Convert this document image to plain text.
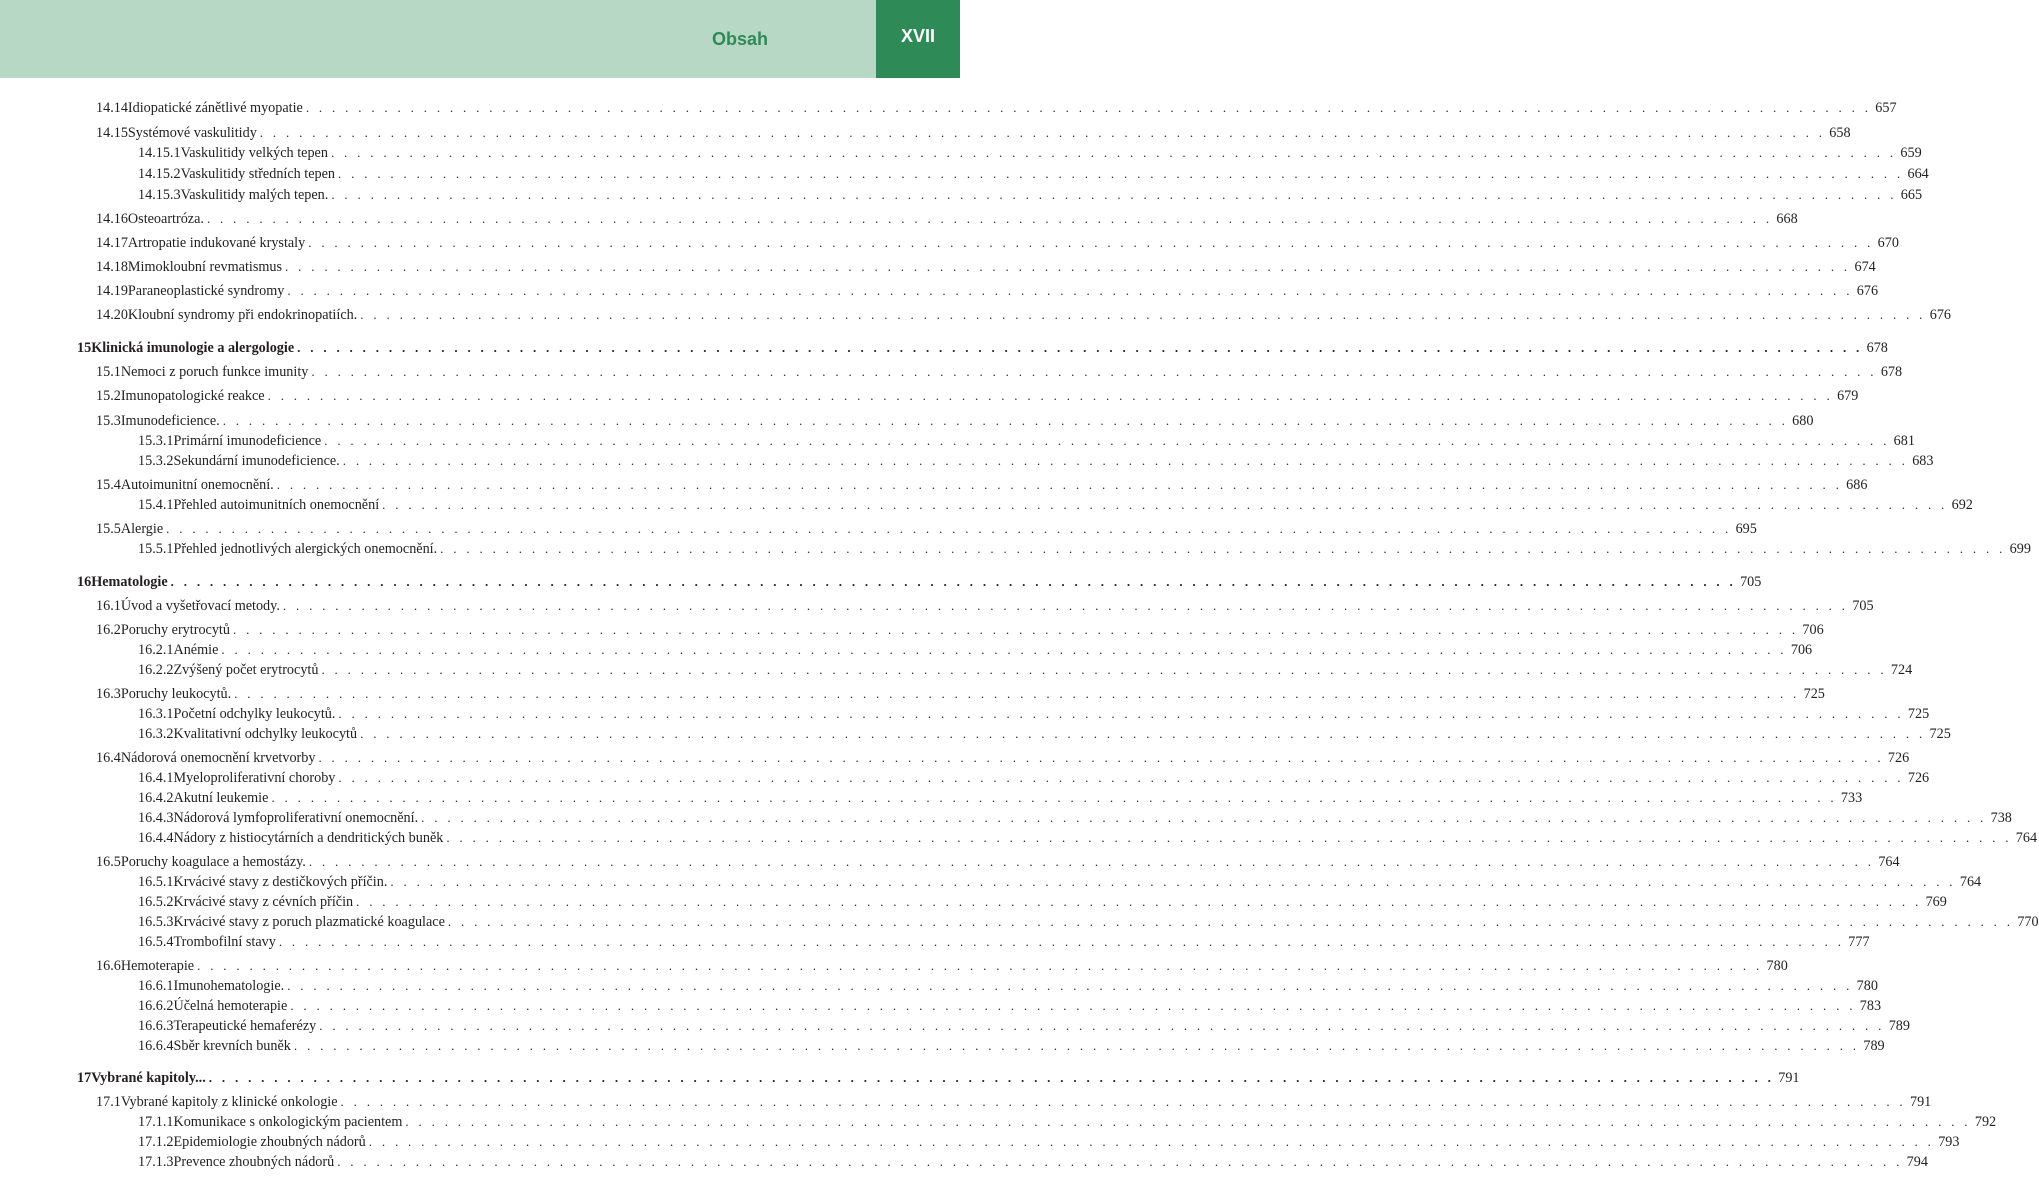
Obsah	XVII
14.14 Idiopatické zánětlivé myopatie . . . . . . . . . . . . . . . . . . . . . . . . . . . . . . . . . . . . . . . . . . . . . . . . . . . . . . . . . . . . . . . . . . . . . . . . . . . . . . . . . . . . . . . . . . . . . . . . . . . . . . . . . . . . . . . . . . . . . . . . 657
14.15 Systémové vaskulitidy . . . . . . . . . . . . . . . . . . . . . . . . . . . . . . . . . . . . . . . . . . . . . . . . . . . . . . . . . . . . . . . . . . . . . . . . . . . . . . . . . . . . . . . . . . . . . . . . . . . . . . . . . . . . . . . . . . . . . . . . 658
14.15.1 Vaskulitidy velkých tepen . . . . . . . . . . . . . . . . . . . . . . . . . . . . . . . . . . . . . . . . . . . . . . . . . . . . . . . . . . . . . . . . . . . . . . . . . . . . . . . . . . . . . . . . . . . . . . . . . . . . . . . . . . . . . . . . . . . . . . . . 659
14.15.2 Vaskulitidy středních tepen . . . . . . . . . . . . . . . . . . . . . . . . . . . . . . . . . . . . . . . . . . . . . . . . . . . . . . . . . . . . . . . . . . . . . . . . . . . . . . . . . . . . . . . . . . . . . . . . . . . . . . . . . . . . . . . . . . . . . . . . 664
14.15.3 Vaskulitidy malých tepen. . . . . . . . . . . . . . . . . . . . . . . . . . . . . . . . . . . . . . . . . . . . . . . . . . . . . . . . . . . . . . . . . . . . . . . . . . . . . . . . . . . . . . . . . . . . . . . . . . . . . . . . . . . . . . . . . . . . . . . . . 665
14.16 Osteoartróza. . . . . . . . . . . . . . . . . . . . . . . . . . . . . . . . . . . . . . . . . . . . . . . . . . . . . . . . . . . . . . . . . . . . . . . . . . . . . . . . . . . . . . . . . . . . . . . . . . . . . . . . . . . . . . . . . . . . . . . . . 668
14.17 Artropatie indukované krystaly . . . . . . . . . . . . . . . . . . . . . . . . . . . . . . . . . . . . . . . . . . . . . . . . . . . . . . . . . . . . . . . . . . . . . . . . . . . . . . . . . . . . . . . . . . . . . . . . . . . . . . . . . . . . . . . . . . . . . . . . 670
14.18 Mimokloubní revmatismus . . . . . . . . . . . . . . . . . . . . . . . . . . . . . . . . . . . . . . . . . . . . . . . . . . . . . . . . . . . . . . . . . . . . . . . . . . . . . . . . . . . . . . . . . . . . . . . . . . . . . . . . . . . . . . . . . . . . . . . . 674
14.19 Paraneoplastické syndromy . . . . . . . . . . . . . . . . . . . . . . . . . . . . . . . . . . . . . . . . . . . . . . . . . . . . . . . . . . . . . . . . . . . . . . . . . . . . . . . . . . . . . . . . . . . . . . . . . . . . . . . . . . . . . . . . . . . . . . . . 676
14.20 Kloubní syndromy při endokrinopatiích. . . . . . . . . . . . . . . . . . . . . . . . . . . . . . . . . . . . . . . . . . . . . . . . . . . . . . . . . . . . . . . . . . . . . . . . . . . . . . . . . . . . . . . . . . . . . . . . . . . . . . . . . . . . . . . . . . . . . . . . . 676
15 Klinická imunologie a alergologie . . . . . . . . . . . . . . . . . . . . . . . . . . . . . . . . . . . . . . . . . . . . . . . . . . . . . . . . . . . . . . . . . . . . . . . . . . . . . . . . . . . . . . . . . . . . . . . . . . . . . . . . . . . . . . . . . . . . . . . . 678
15.1 Nemoci z poruch funkce imunity . . . . . . . . . . . . . . . . . . . . . . . . . . . . . . . . . . . . . . . . . . . . . . . . . . . . . . . . . . . . . . . . . . . . . . . . . . . . . . . . . . . . . . . . . . . . . . . . . . . . . . . . . . . . . . . . . . . . . . . . 678
15.2 Imunopatologické reakce . . . . . . . . . . . . . . . . . . . . . . . . . . . . . . . . . . . . . . . . . . . . . . . . . . . . . . . . . . . . . . . . . . . . . . . . . . . . . . . . . . . . . . . . . . . . . . . . . . . . . . . . . . . . . . . . . . . . . . . . 679
15.3 Imunodeficience. . . . . . . . . . . . . . . . . . . . . . . . . . . . . . . . . . . . . . . . . . . . . . . . . . . . . . . . . . . . . . . . . . . . . . . . . . . . . . . . . . . . . . . . . . . . . . . . . . . . . . . . . . . . . . . . . . . . . . . . . 680
15.3.1 Primární imunodeficience . . . . . . . . . . . . . . . . . . . . . . . . . . . . . . . . . . . . . . . . . . . . . . . . . . . . . . . . . . . . . . . . . . . . . . . . . . . . . . . . . . . . . . . . . . . . . . . . . . . . . . . . . . . . . . . . . . . . . . . . 681
15.3.2 Sekundární imunodeficience. . . . . . . . . . . . . . . . . . . . . . . . . . . . . . . . . . . . . . . . . . . . . . . . . . . . . . . . . . . . . . . . . . . . . . . . . . . . . . . . . . . . . . . . . . . . . . . . . . . . . . . . . . . . . . . . . . . . . . . . . 683
15.4 Autoimunitní onemocnění. . . . . . . . . . . . . . . . . . . . . . . . . . . . . . . . . . . . . . . . . . . . . . . . . . . . . . . . . . . . . . . . . . . . . . . . . . . . . . . . . . . . . . . . . . . . . . . . . . . . . . . . . . . . . . . . . . . . . . . . . 686
15.4.1 Přehled autoimunitních onemocnění . . . . . . . . . . . . . . . . . . . . . . . . . . . . . . . . . . . . . . . . . . . . . . . . . . . . . . . . . . . . . . . . . . . . . . . . . . . . . . . . . . . . . . . . . . . . . . . . . . . . . . . . . . . . . . . . . . . . . . . . 692
15.5 Alergie . . . . . . . . . . . . . . . . . . . . . . . . . . . . . . . . . . . . . . . . . . . . . . . . . . . . . . . . . . . . . . . . . . . . . . . . . . . . . . . . . . . . . . . . . . . . . . . . . . . . . . . . . . . . . . . . . . . . . . . . 695
15.5.1 Přehled jednotlivých alergických onemocnění. . . . . . . . . . . . . . . . . . . . . . . . . . . . . . . . . . . . . . . . . . . . . . . . . . . . . . . . . . . . . . . . . . . . . . . . . . . . . . . . . . . . . . . . . . . . . . . . . . . . . . . . . . . . . . . . . . . . . . . . . 699
16 Hematologie . . . . . . . . . . . . . . . . . . . . . . . . . . . . . . . . . . . . . . . . . . . . . . . . . . . . . . . . . . . . . . . . . . . . . . . . . . . . . . . . . . . . . . . . . . . . . . . . . . . . . . . . . . . . . . . . . . . . . . . . 705
16.1 Úvod a vyšetřovací metody. . . . . . . . . . . . . . . . . . . . . . . . . . . . . . . . . . . . . . . . . . . . . . . . . . . . . . . . . . . . . . . . . . . . . . . . . . . . . . . . . . . . . . . . . . . . . . . . . . . . . . . . . . . . . . . . . . . . . . . . . 705
16.2 Poruchy erytrocytů . . . . . . . . . . . . . . . . . . . . . . . . . . . . . . . . . . . . . . . . . . . . . . . . . . . . . . . . . . . . . . . . . . . . . . . . . . . . . . . . . . . . . . . . . . . . . . . . . . . . . . . . . . . . . . . . . . . . . . . . 706
16.2.1 Anémie . . . . . . . . . . . . . . . . . . . . . . . . . . . . . . . . . . . . . . . . . . . . . . . . . . . . . . . . . . . . . . . . . . . . . . . . . . . . . . . . . . . . . . . . . . . . . . . . . . . . . . . . . . . . . . . . . . . . . . . . 706
16.2.2 Zvýšený počet erytrocytů . . . . . . . . . . . . . . . . . . . . . . . . . . . . . . . . . . . . . . . . . . . . . . . . . . . . . . . . . . . . . . . . . . . . . . . . . . . . . . . . . . . . . . . . . . . . . . . . . . . . . . . . . . . . . . . . . . . . . . . . 724
16.3 Poruchy leukocytů. . . . . . . . . . . . . . . . . . . . . . . . . . . . . . . . . . . . . . . . . . . . . . . . . . . . . . . . . . . . . . . . . . . . . . . . . . . . . . . . . . . . . . . . . . . . . . . . . . . . . . . . . . . . . . . . . . . . . . . . . 725
16.3.1 Početní odchylky leukocytů. . . . . . . . . . . . . . . . . . . . . . . . . . . . . . . . . . . . . . . . . . . . . . . . . . . . . . . . . . . . . . . . . . . . . . . . . . . . . . . . . . . . . . . . . . . . . . . . . . . . . . . . . . . . . . . . . . . . . . . . . 725
16.3.2 Kvalitativní odchylky leukocytů . . . . . . . . . . . . . . . . . . . . . . . . . . . . . . . . . . . . . . . . . . . . . . . . . . . . . . . . . . . . . . . . . . . . . . . . . . . . . . . . . . . . . . . . . . . . . . . . . . . . . . . . . . . . . . . . . . . . . . . . 725
16.4 Nádorová onemocnění krvetvorby . . . . . . . . . . . . . . . . . . . . . . . . . . . . . . . . . . . . . . . . . . . . . . . . . . . . . . . . . . . . . . . . . . . . . . . . . . . . . . . . . . . . . . . . . . . . . . . . . . . . . . . . . . . . . . . . . . . . . . . . 726
16.4.1 Myeloproliferativní choroby . . . . . . . . . . . . . . . . . . . . . . . . . . . . . . . . . . . . . . . . . . . . . . . . . . . . . . . . . . . . . . . . . . . . . . . . . . . . . . . . . . . . . . . . . . . . . . . . . . . . . . . . . . . . . . . . . . . . . . . . 726
16.4.2 Akutní leukemie . . . . . . . . . . . . . . . . . . . . . . . . . . . . . . . . . . . . . . . . . . . . . . . . . . . . . . . . . . . . . . . . . . . . . . . . . . . . . . . . . . . . . . . . . . . . . . . . . . . . . . . . . . . . . . . . . . . . . . . . 733
16.4.3 Nádorová lymfoproliferativní onemocnění. . . . . . . . . . . . . . . . . . . . . . . . . . . . . . . . . . . . . . . . . . . . . . . . . . . . . . . . . . . . . . . . . . . . . . . . . . . . . . . . . . . . . . . . . . . . . . . . . . . . . . . . . . . . . . . . . . . . . . . . . 738
16.4.4 Nádory z histiocytárních a dendritických buněk . . . . . . . . . . . . . . . . . . . . . . . . . . . . . . . . . . . . . . . . . . . . . . . . . . . . . . . . . . . . . . . . . . . . . . . . . . . . . . . . . . . . . . . . . . . . . . . . . . . . . . . . . . . . . . . . . . . . . . . . 764
16.5 Poruchy koagulace a hemostázy. . . . . . . . . . . . . . . . . . . . . . . . . . . . . . . . . . . . . . . . . . . . . . . . . . . . . . . . . . . . . . . . . . . . . . . . . . . . . . . . . . . . . . . . . . . . . . . . . . . . . . . . . . . . . . . . . . . . . . . . . 764
16.5.1 Krvácivé stavy z destičkových příčin. . . . . . . . . . . . . . . . . . . . . . . . . . . . . . . . . . . . . . . . . . . . . . . . . . . . . . . . . . . . . . . . . . . . . . . . . . . . . . . . . . . . . . . . . . . . . . . . . . . . . . . . . . . . . . . . . . . . . . . . . 764
16.5.2 Krvácivé stavy z cévních příčin . . . . . . . . . . . . . . . . . . . . . . . . . . . . . . . . . . . . . . . . . . . . . . . . . . . . . . . . . . . . . . . . . . . . . . . . . . . . . . . . . . . . . . . . . . . . . . . . . . . . . . . . . . . . . . . . . . . . . . . . 769
16.5.3 Krvácivé stavy z poruch plazmatické koagulace . . . . . . . . . . . . . . . . . . . . . . . . . . . . . . . . . . . . . . . . . . . . . . . . . . . . . . . . . . . . . . . . . . . . . . . . . . . . . . . . . . . . . . . . . . . . . . . . . . . . . . . . . . . . . . . . . . . . . . . . 770
16.5.4 Trombofilní stavy . . . . . . . . . . . . . . . . . . . . . . . . . . . . . . . . . . . . . . . . . . . . . . . . . . . . . . . . . . . . . . . . . . . . . . . . . . . . . . . . . . . . . . . . . . . . . . . . . . . . . . . . . . . . . . . . . . . . . . . . 777
16.6 Hemoterapie . . . . . . . . . . . . . . . . . . . . . . . . . . . . . . . . . . . . . . . . . . . . . . . . . . . . . . . . . . . . . . . . . . . . . . . . . . . . . . . . . . . . . . . . . . . . . . . . . . . . . . . . . . . . . . . . . . . . . . . . 780
16.6.1 Imunohematologie. . . . . . . . . . . . . . . . . . . . . . . . . . . . . . . . . . . . . . . . . . . . . . . . . . . . . . . . . . . . . . . . . . . . . . . . . . . . . . . . . . . . . . . . . . . . . . . . . . . . . . . . . . . . . . . . . . . . . . . . . 780
16.6.2 Účelná hemoterapie . . . . . . . . . . . . . . . . . . . . . . . . . . . . . . . . . . . . . . . . . . . . . . . . . . . . . . . . . . . . . . . . . . . . . . . . . . . . . . . . . . . . . . . . . . . . . . . . . . . . . . . . . . . . . . . . . . . . . . . . 783
16.6.3 Terapeutické hemaferézy . . . . . . . . . . . . . . . . . . . . . . . . . . . . . . . . . . . . . . . . . . . . . . . . . . . . . . . . . . . . . . . . . . . . . . . . . . . . . . . . . . . . . . . . . . . . . . . . . . . . . . . . . . . . . . . . . . . . . . . . 789
16.6.4 Sběr krevních buněk . . . . . . . . . . . . . . . . . . . . . . . . . . . . . . . . . . . . . . . . . . . . . . . . . . . . . . . . . . . . . . . . . . . . . . . . . . . . . . . . . . . . . . . . . . . . . . . . . . . . . . . . . . . . . . . . . . . . . . . . 789
17 Vybrané kapitoly... . . . . . . . . . . . . . . . . . . . . . . . . . . . . . . . . . . . . . . . . . . . . . . . . . . . . . . . . . . . . . . . . . . . . . . . . . . . . . . . . . . . . . . . . . . . . . . . . . . . . . . . . . . . . . . . . . . . . . . . . 791
17.1 Vybrané kapitoly z klinické onkologie . . . . . . . . . . . . . . . . . . . . . . . . . . . . . . . . . . . . . . . . . . . . . . . . . . . . . . . . . . . . . . . . . . . . . . . . . . . . . . . . . . . . . . . . . . . . . . . . . . . . . . . . . . . . . . . . . . . . . . . . 791
17.1.1 Komunikace s onkologickým pacientem . . . . . . . . . . . . . . . . . . . . . . . . . . . . . . . . . . . . . . . . . . . . . . . . . . . . . . . . . . . . . . . . . . . . . . . . . . . . . . . . . . . . . . . . . . . . . . . . . . . . . . . . . . . . . . . . . . . . . . . . 792
17.1.2 Epidemiologie zhoubných nádorů . . . . . . . . . . . . . . . . . . . . . . . . . . . . . . . . . . . . . . . . . . . . . . . . . . . . . . . . . . . . . . . . . . . . . . . . . . . . . . . . . . . . . . . . . . . . . . . . . . . . . . . . . . . . . . . . . . . . . . . . 793
17.1.3 Prevence zhoubných nádorů . . . . . . . . . . . . . . . . . . . . . . . . . . . . . . . . . . . . . . . . . . . . . . . . . . . . . . . . . . . . . . . . . . . . . . . . . . . . . . . . . . . . . . . . . . . . . . . . . . . . . . . . . . . . . . . . . . . . . . . . 794
